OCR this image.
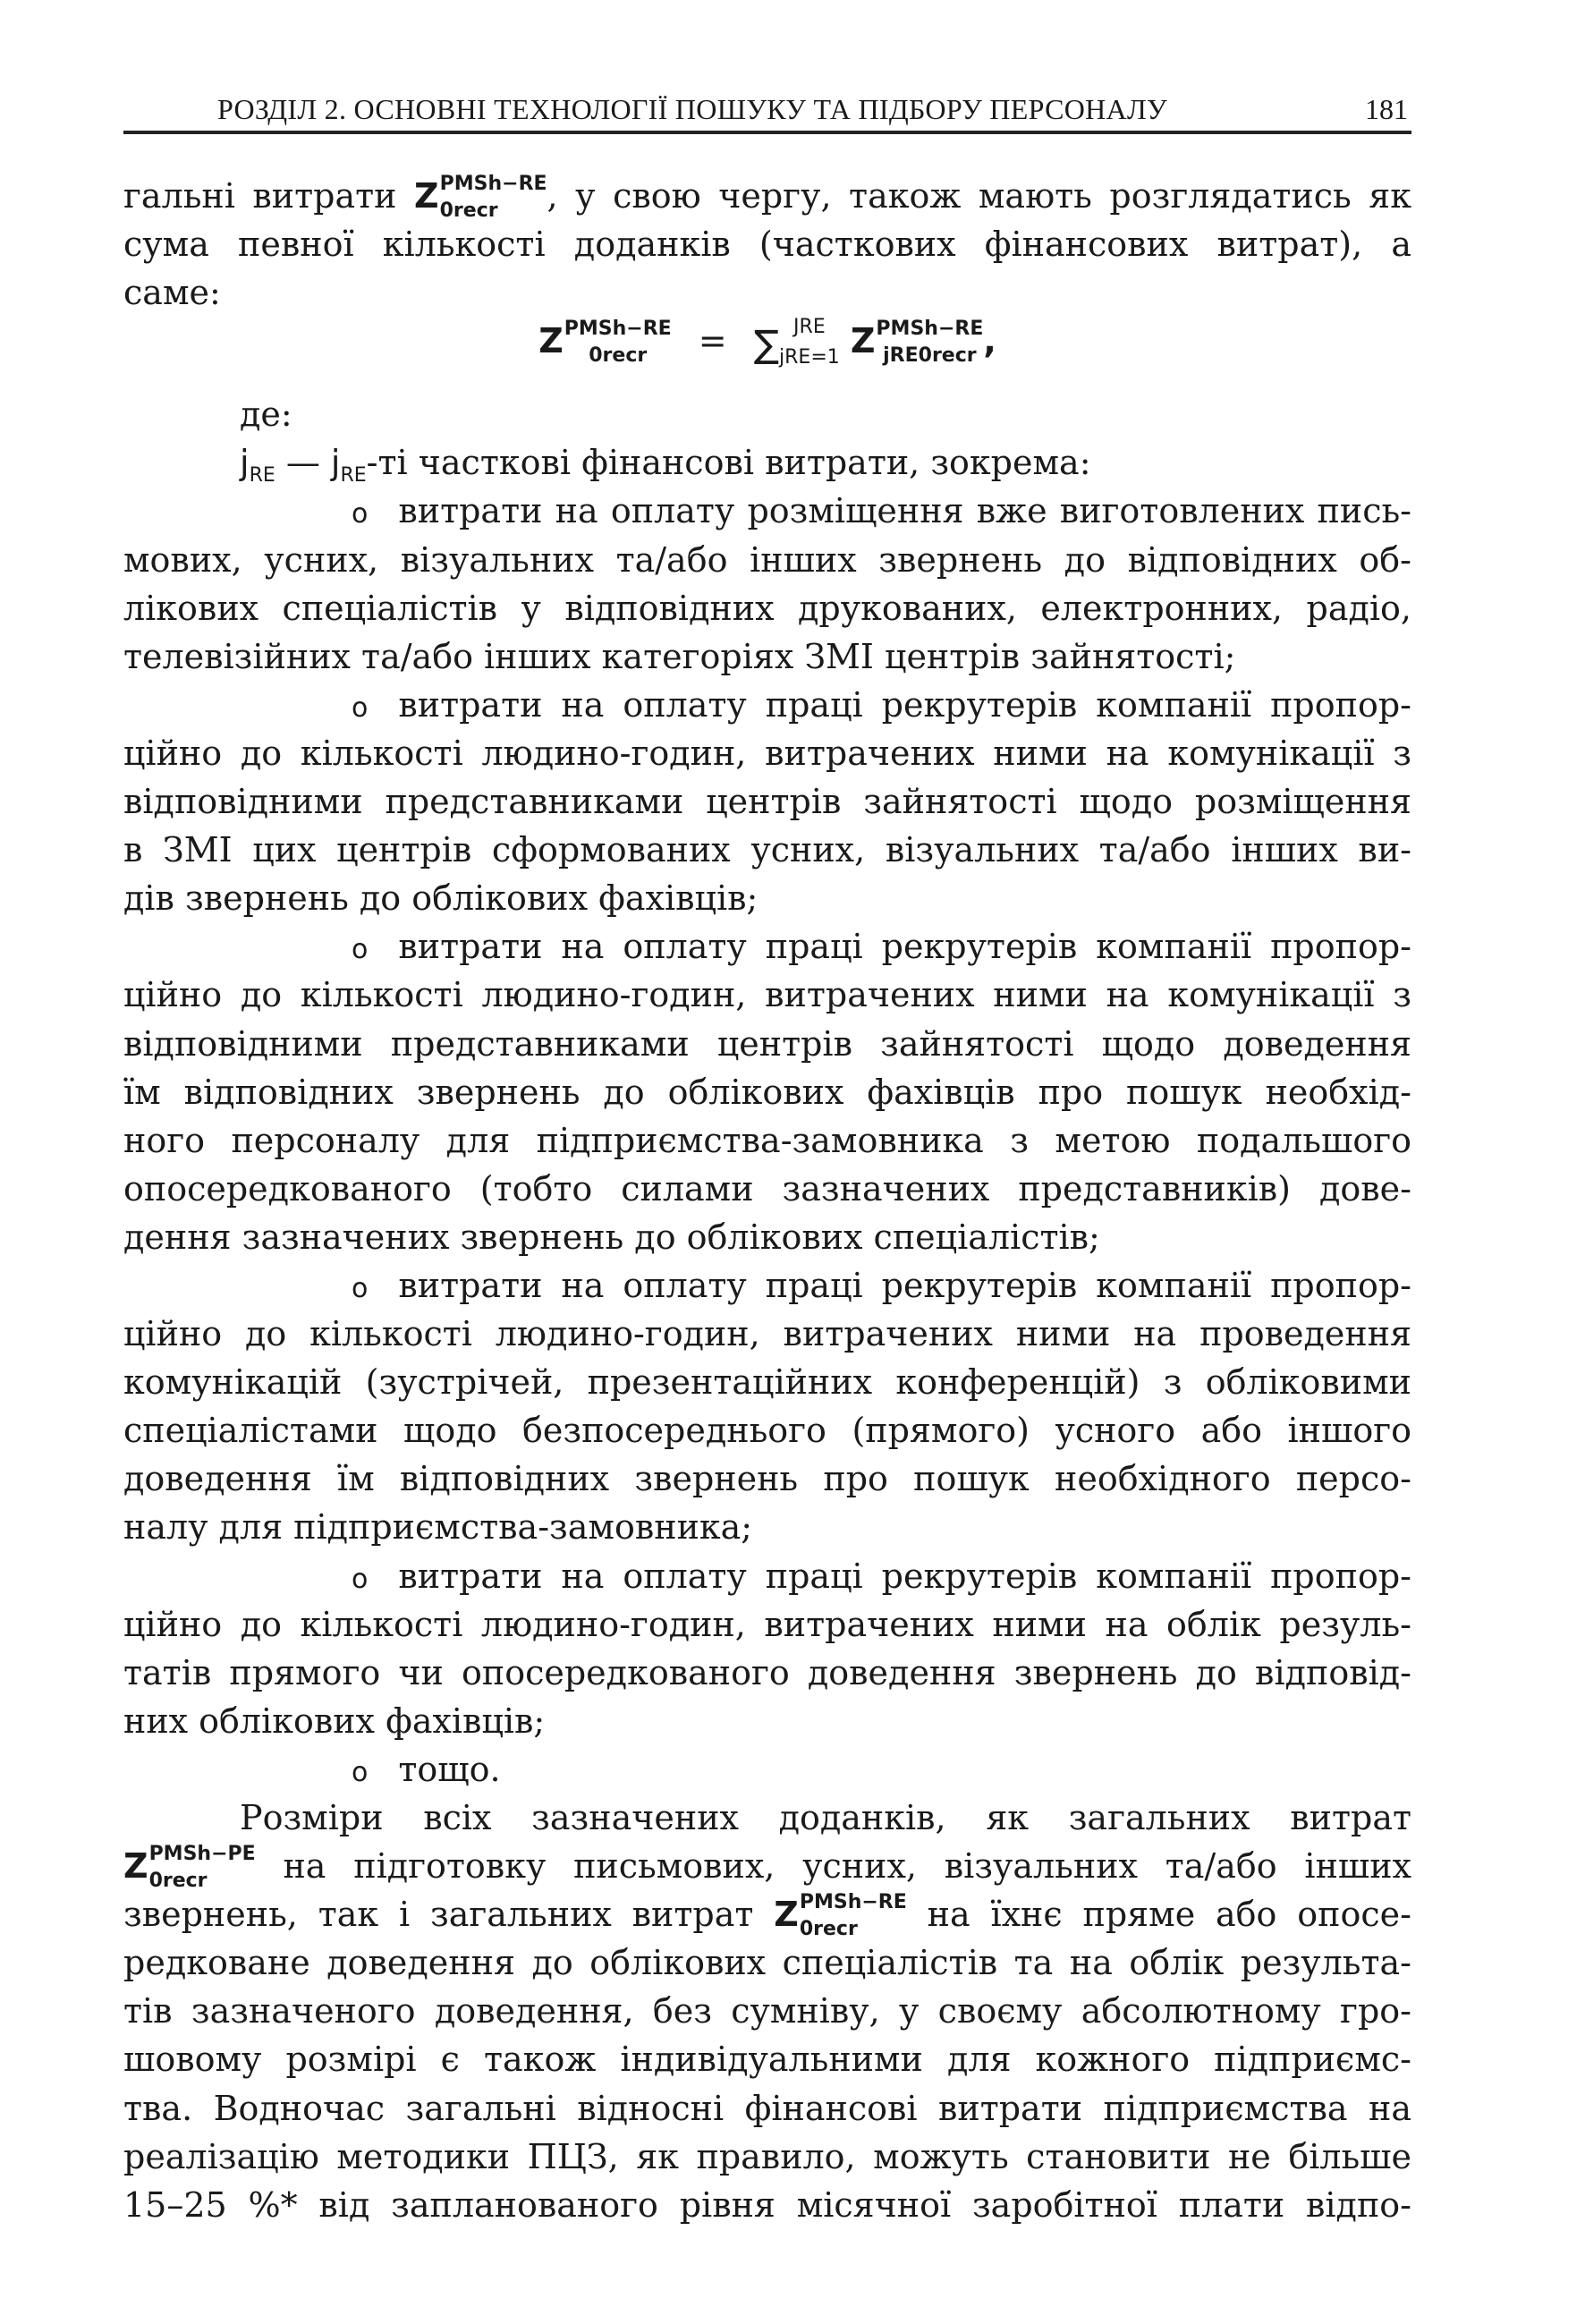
РОЗДІЛ 2. ОСНОВНІ ТЕХНОЛОГІЇ ПОШУКУ ТА ПІДБОРУ ПЕРСОНАЛУ	181
гальні витрати Z PMSh−RE
0recr	, у свою чергу, також мають розглядатись як
сума певної кількості доданків (часткових фінансових витрат), а
саме:
Z PMSh−RE
0recr	= ∑ JRE
jRE=1 Z PMSh−RE
jRE0recr ,
де:
$j_{RE}$ — $j_{RE}-ті$ часткові фінансові витрати, зокрема:
o витрати на оплату розміщення вже виготовлених пись-
мових, усних, візуальних та/або інших звернень до відповідних об-
лікових спеціалістів у відповідних друкованих, електронних, радіо,
телевізійних та/або інших категоріях ЗМІ центрів зайнятості;
o витрати на оплату праці рекрутерів компанії пропор-
ційно до кількості людино-годин, витрачених ними на комунікації з
відповідними представниками центрів зайнятості щодо розміщення
в ЗМІ цих центрів сформованих усних, візуальних та/або інших ви-
дів звернень до облікових фахівців;
o витрати на оплату праці рекрутерів компанії пропор-
ційно до кількості людино-годин, витрачених ними на комунікації з
відповідними представниками центрів зайнятості щодо доведення
їм відповідних звернень до облікових фахівців про пошук необхід-
ного персоналу для підприємства-замовника з метою подальшого
опосередкованого (тобто силами зазначених представників) дове-
дення зазначених звернень до облікових спеціалістів;
o витрати на оплату праці рекрутерів компанії пропор-
ційно до кількості людино-годин, витрачених ними на проведення
комунікацій (зустрічей, презентаційних конференцій) з обліковими
спеціалістами щодо безпосереднього (прямого) усного або іншого
доведення їм відповідних звернень про пошук необхідного персо-
налу для підприємства-замовника;
o витрати на оплату праці рекрутерів компанії пропор-
ційно до кількості людино-годин, витрачених ними на облік резуль-
татів прямого чи опосередкованого доведення звернень до відповід-
них облікових фахівців;
o тощо.
Розміри всіх зазначених доданків, як загальних витрат
Z PMSh−PE
0recr	на підготовку письмових, усних, візуальних та/або інших
звернень, так і загальних витрат Z PMSh−RE
0recr	на їхнє пряме або опосе-
редковане доведення до облікових спеціалістів та на облік результа-
тів зазначеного доведення, без сумніву, у своєму абсолютному гро-
шовому розмірі є також індивідуальними для кожного підприємс-
тва. Водночас загальні відносні фінансові витрати підприємства на
реалізацію методики ПЦЗ, як правило, можуть становити не більше
15–25 %* від запланованого рівня місячної заробітної плати відпо-
